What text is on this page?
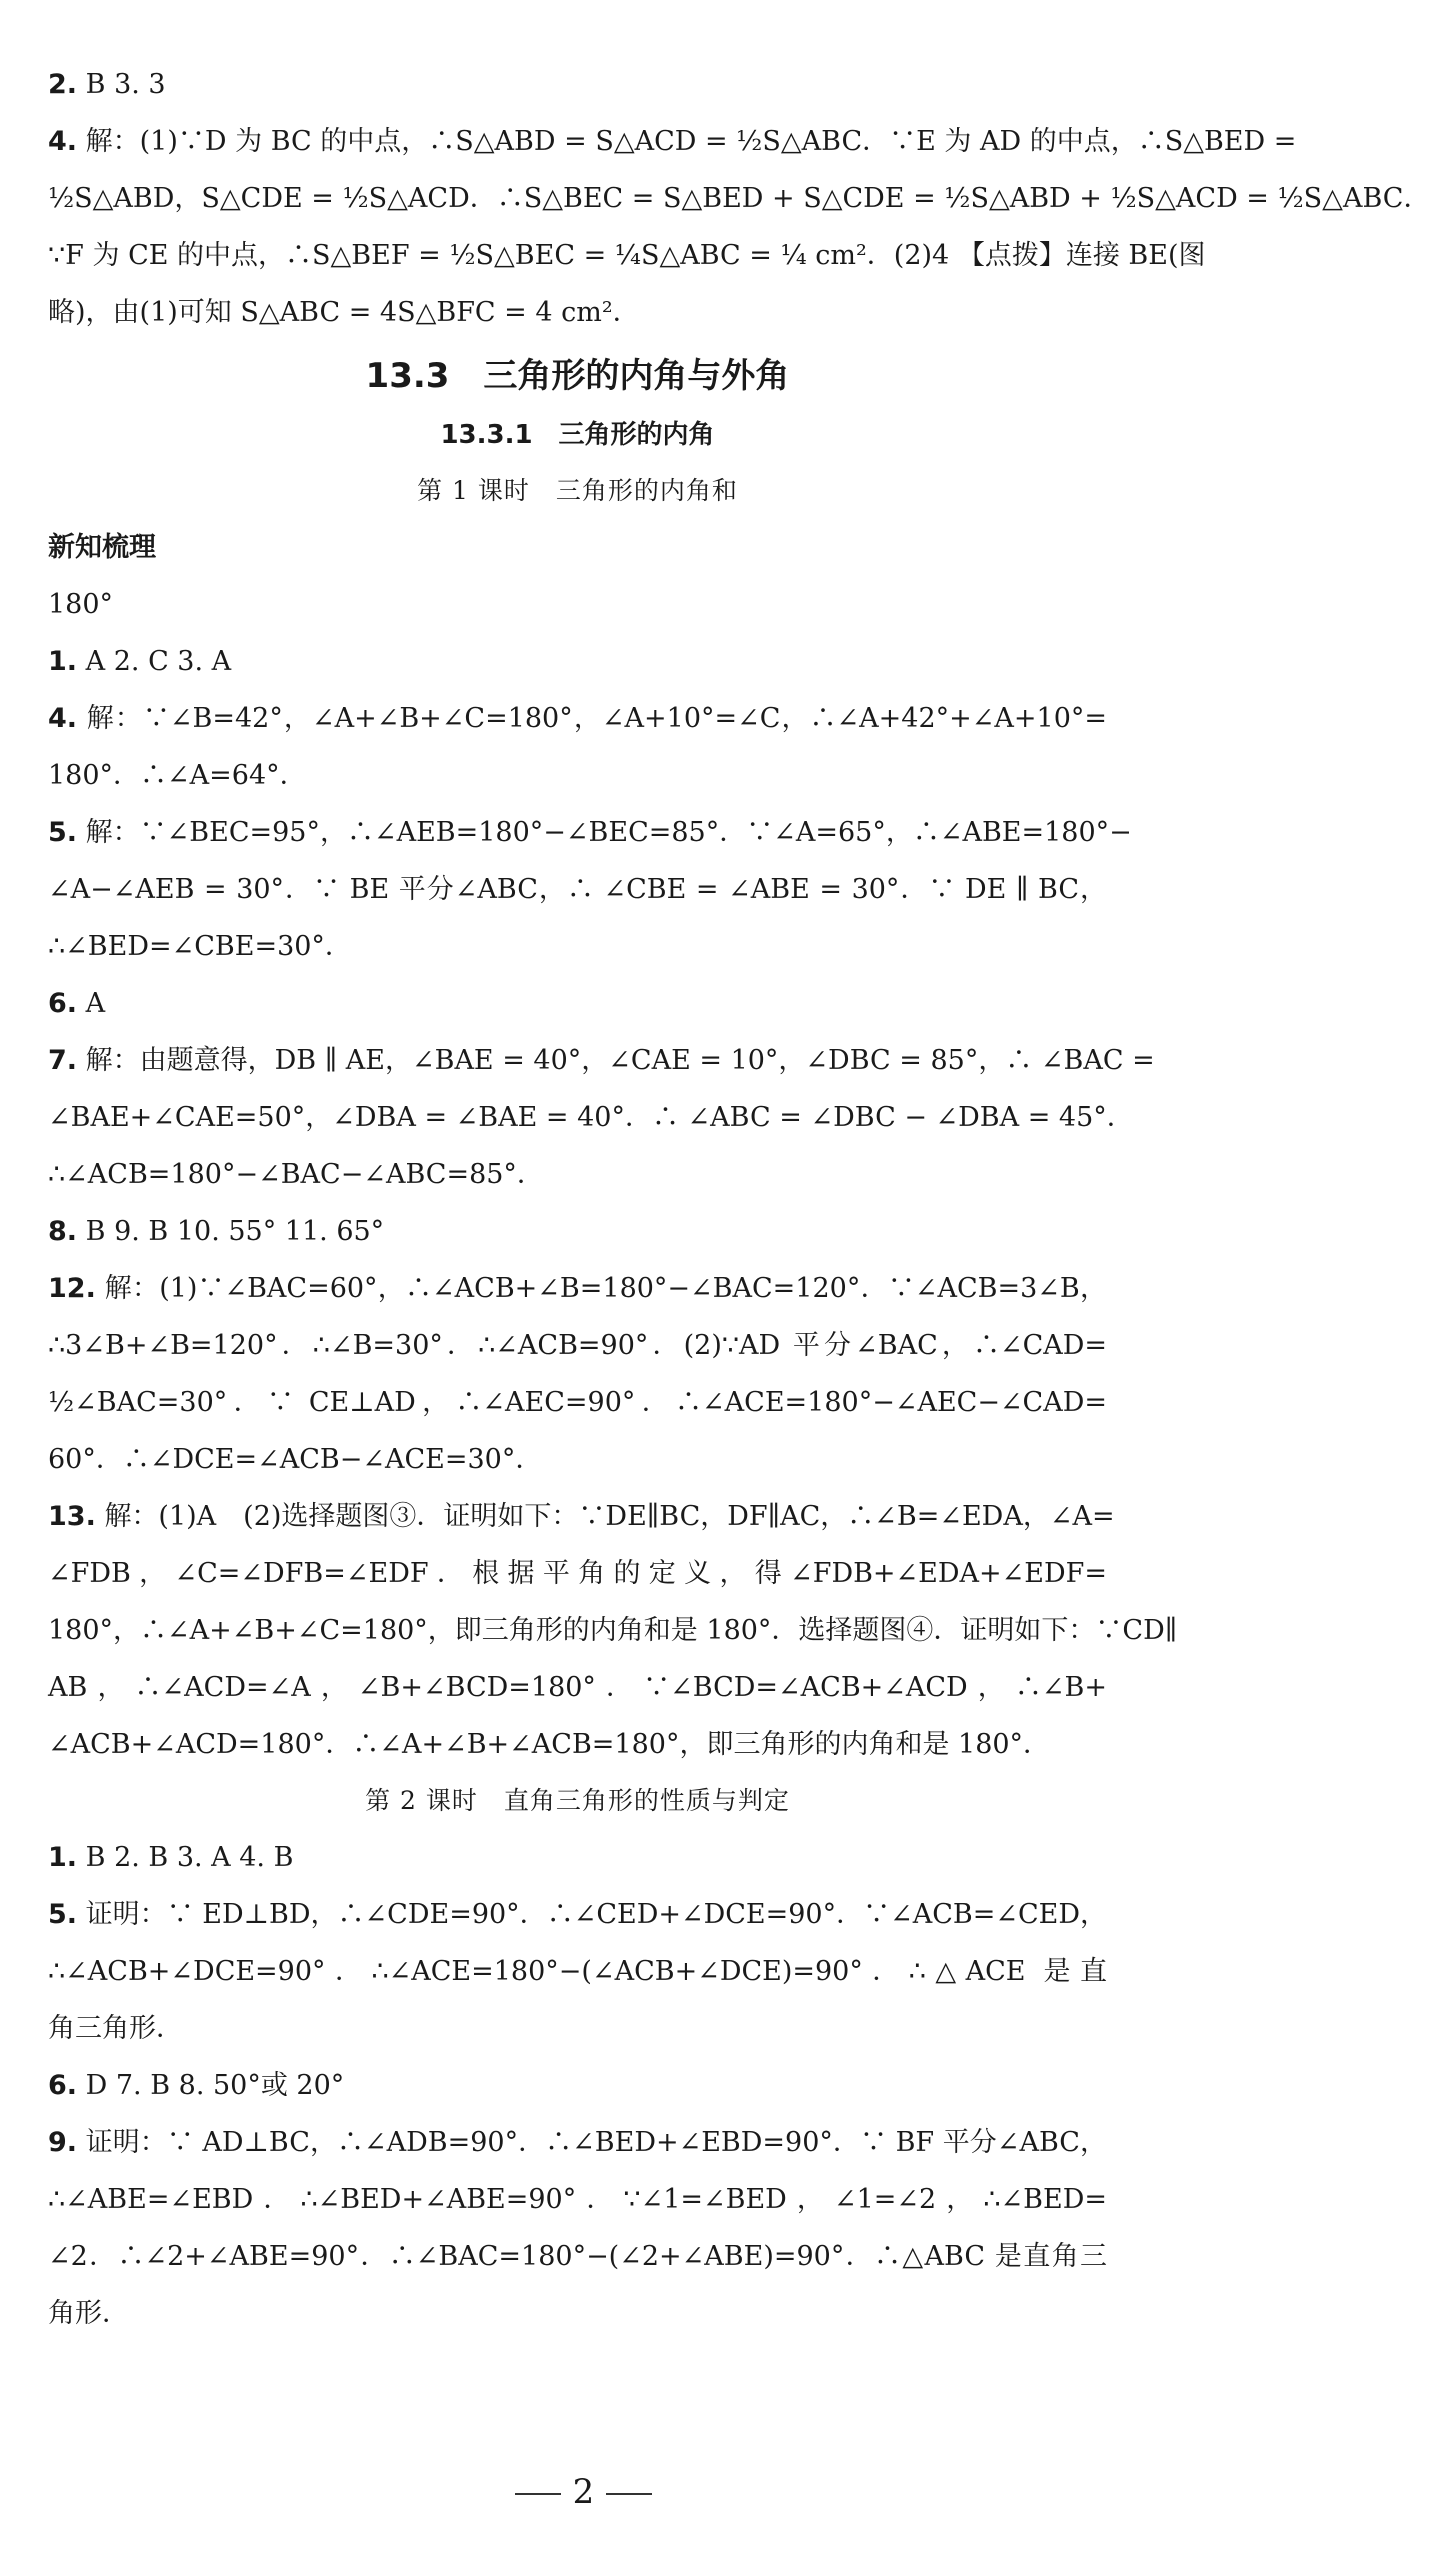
2. B 3. 3
4. 解：(1)∵D 为 BC 的中点，∴S△ABD = S△ACD = ½S△ABC．∵E 为 AD 的中点，∴S△BED =
½S△ABD，S△CDE = ½S△ACD．∴S△BEC = S△BED + S△CDE = ½S△ABD + ½S△ACD = ½S△ABC．
∵F 为 CE 的中点，∴S△BEF = ½S△BEC = ¼S△ABC = ¼ cm²．(2)4 【点拨】连接 BE(图
略)，由(1)可知 S△ABC = 4S△BFC = 4 cm²．
13.3　三角形的内角与外角
13.3.1　三角形的内角
第 1 课时　三角形的内角和
新知梳理
180°
1. A 2. C 3. A
4. 解：∵∠B=42°，∠A+∠B+∠C=180°，∠A+10°=∠C，∴∠A+42°+∠A+10°=
180°．∴∠A=64°．
5. 解：∵∠BEC=95°，∴∠AEB=180°−∠BEC=85°．∵∠A=65°，∴∠ABE=180°−
∠A−∠AEB = 30°．∵ BE 平分∠ABC，∴ ∠CBE = ∠ABE = 30°．∵ DE ∥ BC，
∴∠BED=∠CBE=30°．
6. A
7. 解：由题意得，DB ∥ AE，∠BAE = 40°，∠CAE = 10°，∠DBC = 85°，∴ ∠BAC =
∠BAE+∠CAE=50°，∠DBA = ∠BAE = 40°．∴ ∠ABC = ∠DBC − ∠DBA = 45°．
∴∠ACB=180°−∠BAC−∠ABC=85°．
8. B 9. B 10. 55° 11. 65°
12. 解：(1)∵∠BAC=60°，∴∠ACB+∠B=180°−∠BAC=120°．∵∠ACB=3∠B，
∴3∠B+∠B=120°．∴∠B=30°．∴∠ACB=90°．(2)∵AD 平分∠BAC，∴∠CAD=
½∠BAC=30°．∵ CE⊥AD，∴∠AEC=90°．∴∠ACE=180°−∠AEC−∠CAD=
60°．∴∠DCE=∠ACB−∠ACE=30°．
13. 解：(1)A　(2)选择题图③．证明如下：∵DE∥BC，DF∥AC，∴∠B=∠EDA，∠A=
∠FDB，∠C=∠DFB=∠EDF．根据平角的定义，得∠FDB+∠EDA+∠EDF=
180°，∴∠A+∠B+∠C=180°，即三角形的内角和是 180°．选择题图④．证明如下：∵CD∥
AB，∴∠ACD=∠A，∠B+∠BCD=180°．∵∠BCD=∠ACB+∠ACD，∴∠B+
∠ACB+∠ACD=180°．∴∠A+∠B+∠ACB=180°，即三角形的内角和是 180°．
第 2 课时　直角三角形的性质与判定
1. B 2. B 3. A 4. B
5. 证明：∵ ED⊥BD，∴∠CDE=90°．∴∠CED+∠DCE=90°．∵∠ACB=∠CED，
∴∠ACB+∠DCE=90°．∴∠ACE=180°−(∠ACB+∠DCE)=90°．∴△ACE 是直
角三角形．
6. D 7. B 8. 50°或 20°
9. 证明：∵ AD⊥BC，∴∠ADB=90°．∴∠BED+∠EBD=90°．∵ BF 平分∠ABC，
∴∠ABE=∠EBD．∴∠BED+∠ABE=90°．∵∠1=∠BED，∠1=∠2，∴∠BED=
∠2．∴∠2+∠ABE=90°．∴∠BAC=180°−(∠2+∠ABE)=90°．∴△ABC 是直角三
角形．
2
